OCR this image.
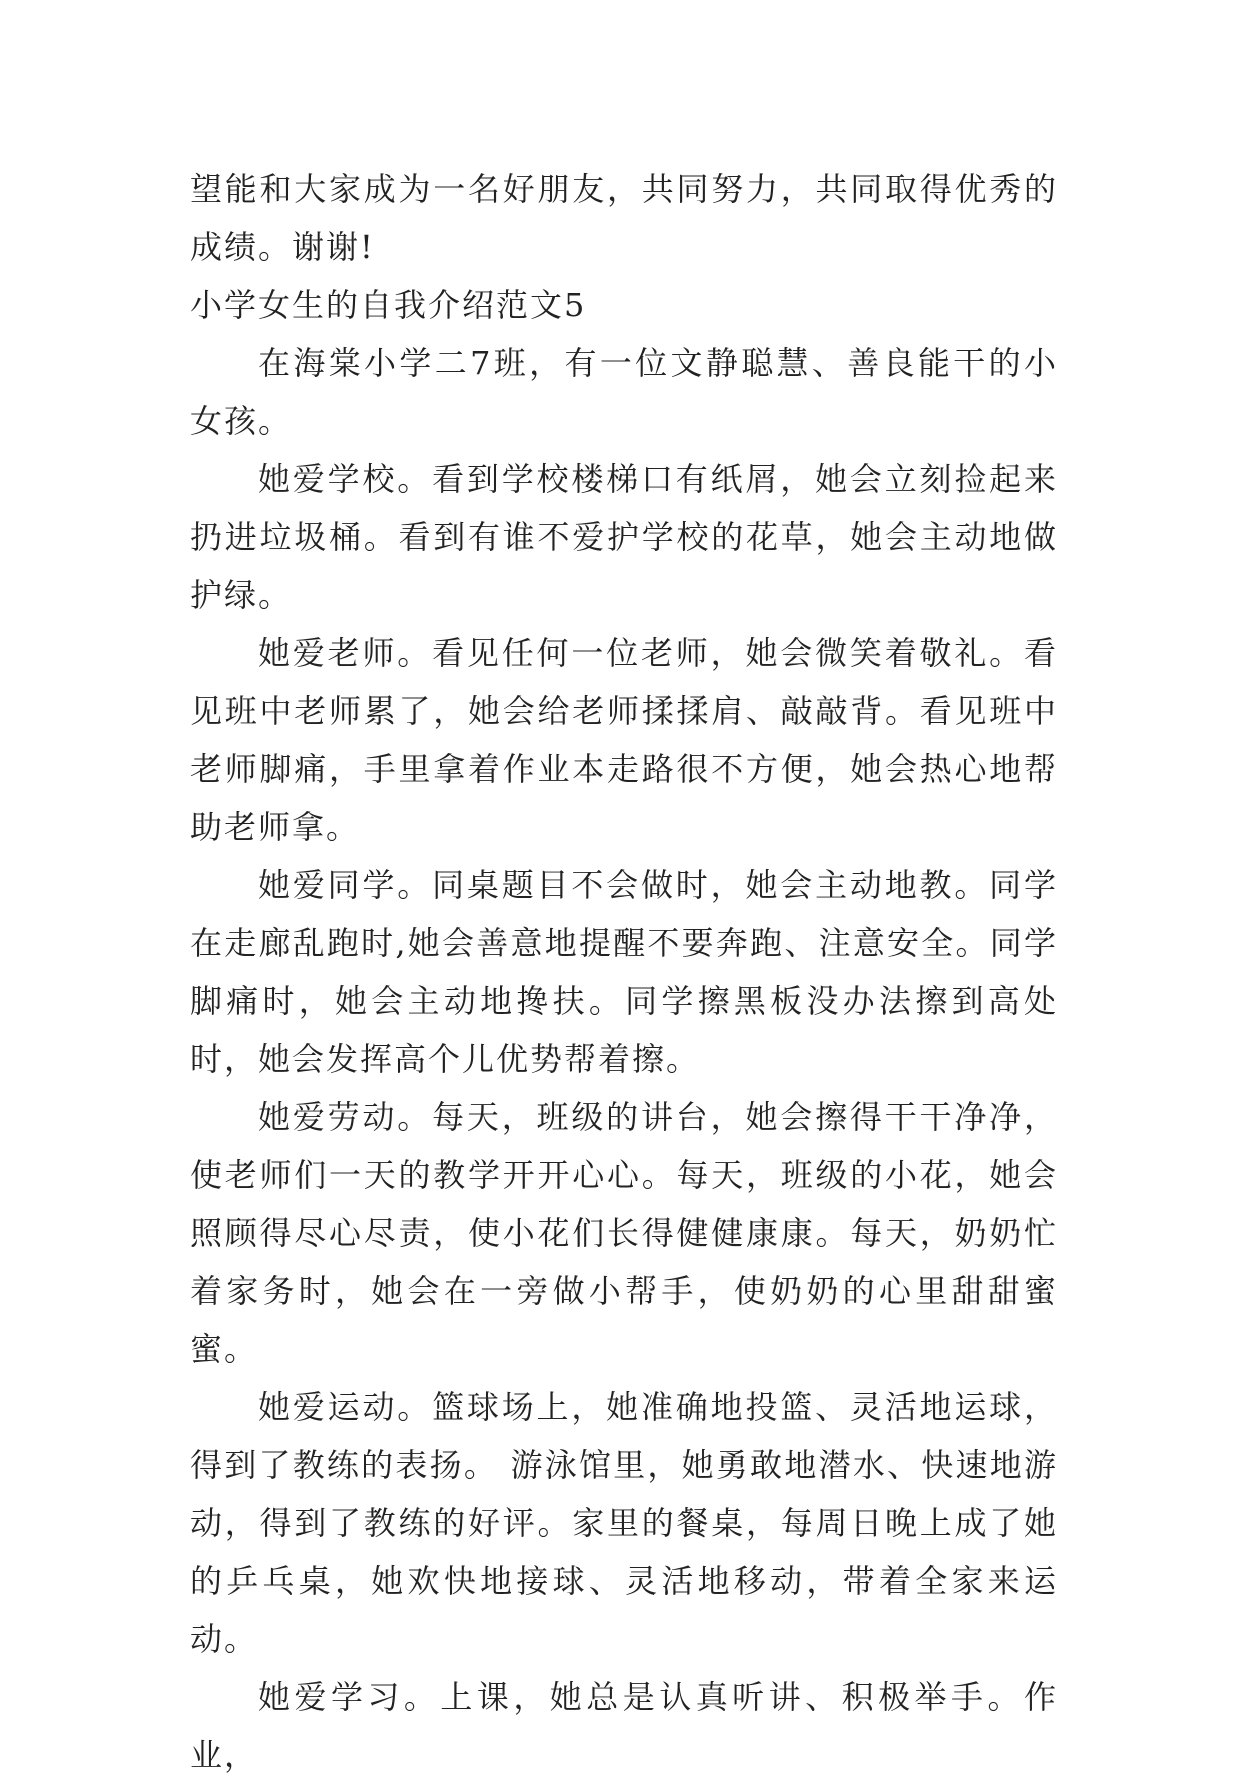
望能和大家成为一名好朋友，共同努力，共同取得优秀的成绩。谢谢!

小学女生的自我介绍范文5

在海棠小学二7班，有一位文静聪慧、善良能干的小女孩。

她爱学校。看到学校楼梯口有纸屑，她会立刻捡起来扔进垃圾桶。看到有谁不爱护学校的花草，她会主动地做护绿。

她爱老师。看见任何一位老师，她会微笑着敬礼。看见班中老师累了，她会给老师揉揉肩、敲敲背。看见班中老师脚痛，手里拿着作业本走路很不方便，她会热心地帮助老师拿。

她爱同学。同桌题目不会做时，她会主动地教。同学在走廊乱跑时,她会善意地提醒不要奔跑、注意安全。同学脚痛时，她会主动地搀扶。同学擦黑板没办法擦到高处时，她会发挥高个儿优势帮着擦。

她爱劳动。每天，班级的讲台，她会擦得干干净净，使老师们一天的教学开开心心。每天，班级的小花，她会照顾得尽心尽责，使小花们长得健健康康。每天，奶奶忙着家务时，她会在一旁做小帮手，使奶奶的心里甜甜蜜蜜。

她爱运动。篮球场上，她准确地投篮、灵活地运球，得到了教练的表扬。 游泳馆里，她勇敢地潜水、快速地游动，得到了教练的好评。家里的餐桌，每周日晚上成了她的乒乓桌，她欢快地接球、灵活地移动，带着全家来运动。

她爱学习。上课，她总是认真听讲、积极举手。作业，
